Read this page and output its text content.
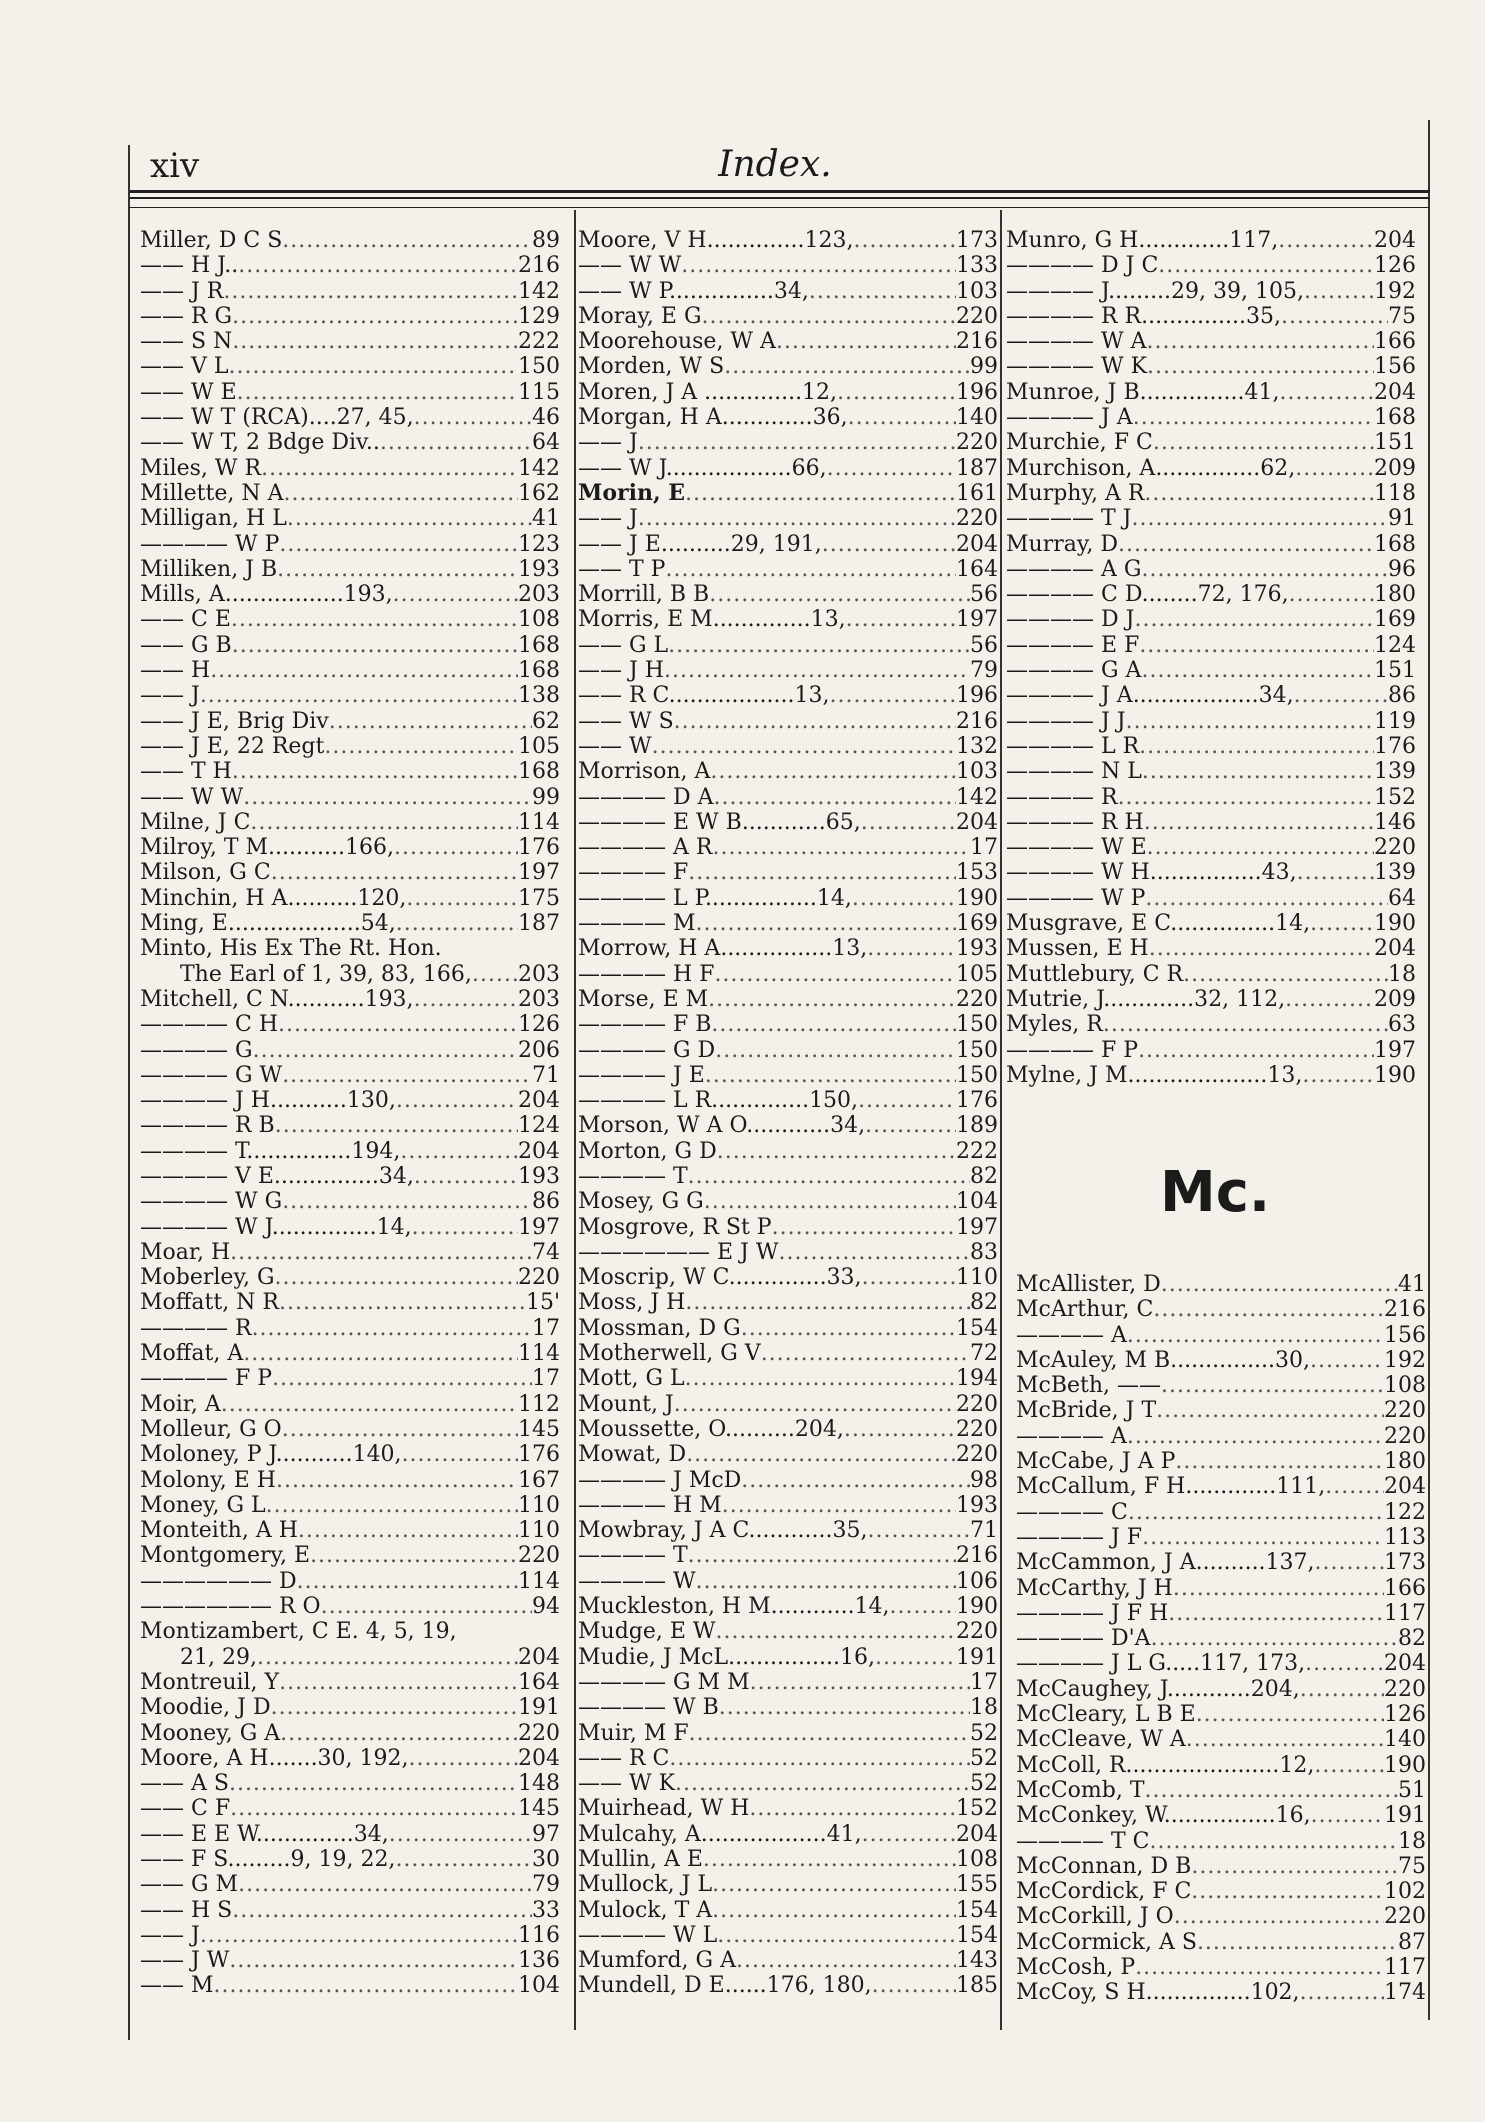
xiv	Index.
Miller, D C S .....	89
—— H J.. .....	216
—— J R .....	142
—— R G .....	129
—— S N .....	222
—— V L .....	150
—— W E .....	115
—— W T (RCA)....27, 45, .....	46
—— W T, 2 Bdge Div.. .....	64
Miles, W R .....	142
Millette, N A .....	162
Milligan, H L .....	41
———— W P .....	123
Milliken, J B .....	193
Mills, A.................193, .....	203
—— C E .....	108
—— G B .....	168
—— H .....	168
—— J .....	138
—— J E, Brig Div .....	62
—— J E, 22 Regt .....	105
—— T H .....	168
—— W W .....	99
Milne, J C .....	114
Milroy, T M...........166, .....	176
Milson, G C .....	197
Minchin, H A..........120, .....	175
Ming, E...................54, .....	187
Minto, His Ex The Rt. Hon.
The Earl of 1, 39, 83, 166, ..... 203
Mitchell, C N...........193, .....	203
———— C H .....	126
———— G .....	206
———— G W .....	71
———— J H...........130, .....	204
———— R B .....	124
———— T...............194, .....	204
———— V E...............34, .....	193
———— W G .....	86
———— W J...............14, .....	197
Moar, H .....	74
Moberley, G .....	220
Moffatt, N R .....	15'
———— R .....	17
Moffat, A .....	114
———— F P .....	17
Moir, A .....	112
Molleur, G O .....	145
Moloney, P J...........140, .....	176
Molony, E H .....	167
Money, G L .....	110
Monteith, A H .....	110
Montgomery, E .....	220
—————— D .....	114
—————— R O .....	94
Montizambert, C E. 4, 5, 19,
21, 29, .....	204
Montreuil, Y .....	164
Moodie, J D .....	191
Mooney, G A .....	220
Moore, A H.......30, 192, .....	204
—— A S .....	148
—— C F .....	145
—— E E W..............34, .....	97
—— F S.........9, 19, 22, .....	30
—— G M .....	79
—— H S .....	33
—— J .....	116
—— J W .....	136
—— M .....	104
Moore, V H..............123, .....	173
—— W W .....	133
—— W P...............34, .....	103
Moray, E G .....	220
Moorehouse, W A .....	216
Morden, W S .....	99
Moren, J A ..............12, .....	196
Morgan, H A.............36, .....	140
—— J .....	220
—— W J..................66, .....	187
Morin, E .....	161
—— J .....	220
—— J E..........29, 191, .....	204
—— T P .....	164
Morrill, B B .....	56
Morris, E M..............13, .....	197
—— G L .....	56
—— J H .....	79
—— R C..................13, .....	196
—— W S .....	216
—— W .....	132
Morrison, A .....	103
———— D A .....	142
———— E W B............65, .....	204
———— A R .....	17
———— F .....	153
———— L P................14, .....	190
———— M .....	169
Morrow, H A................13, .....	193
———— H F .....	105
Morse, E M .....	220
———— F B .....	150
———— G D .....	150
———— J E .....	150
———— L R..............150, .....	176
Morson, W A O............34, .....	189
Morton, G D .....	222
———— T .....	82
Mosey, G G .....	104
Mosgrove, R St P .....	197
—————— E J W .....	83
Moscrip, W C..............33, .....	110
Moss, J H .....	82
Mossman, D G .....	154
Motherwell, G V .....	72
Mott, G L .....	194
Mount, J .....	220
Moussette, O..........204, .....	220
Mowat, D .....	220
———— J McD .....	98
———— H M .....	193
Mowbray, J A C............35, .....	71
———— T .....	216
———— W .....	106
Muckleston, H M............14, .....	190
Mudge, E W .....	220
Mudie, J McL................16, .....	191
———— G M M .....	17
———— W B .....	18
Muir, M F .....	52
—— R C .....	52
—— W K .....	52
Muirhead, W H .....	152
Mulcahy, A..................41, .....	204
Mullin, A E .....	108
Mullock, J L .....	155
Mulock, T A .....	154
———— W L .....	154
Mumford, G A .....	143
Mundell, D E......176, 180, .....	185
Munro, G H.............117, .....	204
———— D J C .....	126
———— J.........29, 39, 105, .....	192
———— R R...............35, .....	75
———— W A .....	166
———— W K .....	156
Munroe, J B...............41, .....	204
———— J A .....	168
Murchie, F C .....	151
Murchison, A...............62, .....	209
Murphy, A R .....	118
———— T J .....	91
Murray, D .....	168
———— A G .....	96
———— C D........72, 176, .....	180
———— D J .....	169
———— E F .....	124
———— G A .....	151
———— J A..................34, .....	86
———— J J .....	119
———— L R .....	176
———— N L .....	139
———— R .....	152
———— R H .....	146
———— W E .....	220
———— W H................43, .....	139
———— W P .....	64
Musgrave, E C...............14, .....	190
Mussen, E H .....	204
Muttlebury, C R .....	18
Mutrie, J.............32, 112, .....	209
Myles, R .....	63
———— F P .....	197
Mylne, J M....................13, .....	190
Mc.
McAllister, D .....	41
McArthur, C .....	216
———— A .....	156
McAuley, M B...............30, .....	192
McBeth, —— .....	108
McBride, J T .....	220
———— A .....	220
McCabe, J A P .....	180
McCallum, F H.............111, .....	204
———— C .....	122
———— J F .....	113
McCammon, J A..........137, .....	173
McCarthy, J H .....	166
———— J F H .....	117
———— D'A .....	82
———— J L G.....117, 173, .....	204
McCaughey, J............204, .....	220
McCleary, L B E .....	126
McCleave, W A .....	140
McColl, R......................12, .....	190
McComb, T .....	51
McConkey, W................16, .....	191
———— T C .....	18
McConnan, D B .....	75
McCordick, F C .....	102
McCorkill, J O .....	220
McCormick, A S .....	87
McCosh, P .....	117
McCoy, S H...............102, .....	174
